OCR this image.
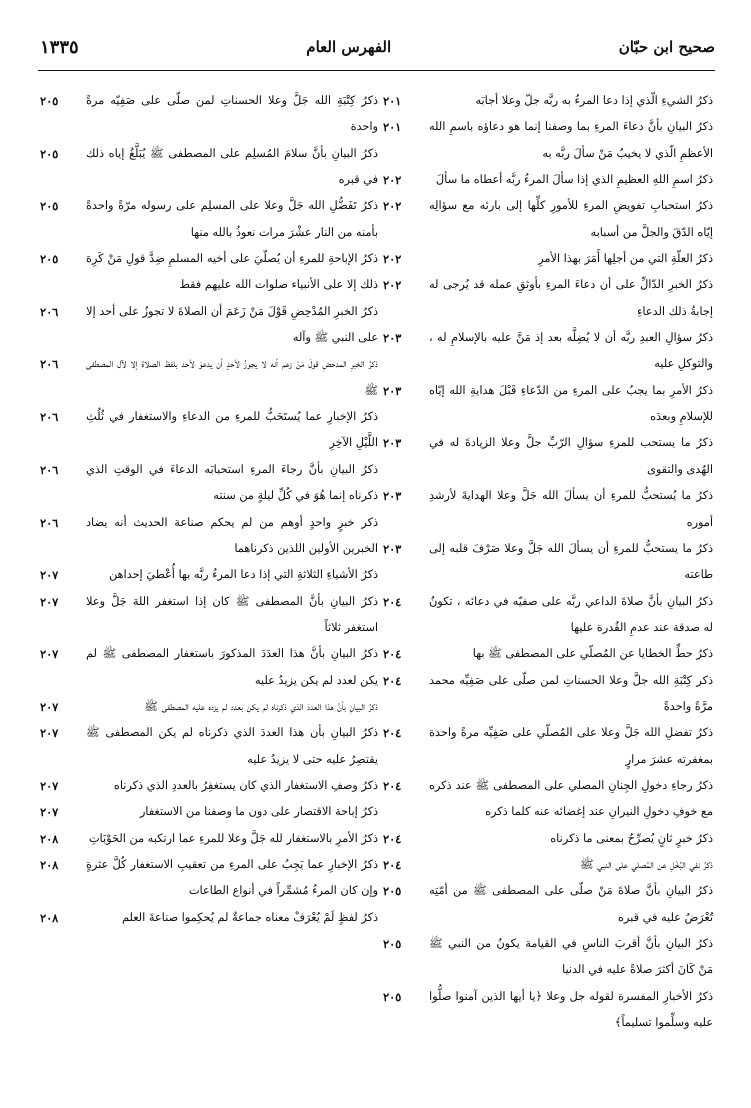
صحيح ابن حبّان
الفهرس العام
١٣٣٥
ذكرُ الشيءِ الّذي إذا دعا المرءُ به ربَّه جلّ وعلا أجابَه
٢٠١
ذكرُ البيانِ بأنَّ دعاءَ المرءِ بما وصفنا إنما هو دعاؤه باسمِ الله الأعظمِ الّذي لا يخيبُ مَنْ سألَ ربَّه به
٢٠١
ذكرُ اسمِ اللهِ العظيمِ الذي إذا سألَ المرءُ ربَّه أعطاه ما سألَ
٢٠٢
ذكرُ استحبابِ تفويضِ المرءِ للأمورِ كلِّها إلى بارئه مع سؤالِه إيّاه الدّقَ والجلَّ من أسبابه
٢٠٢
ذكرُ العلّةِ التي من أجلِها أَمَرَ بهذا الأمرِ
٢٠٢
ذكرُ الخبرِ الدّالِّ على أن دعاءَ المرءِ بأوثقِ عمله قد يُرجى له إجابةُ ذلك الدعاءِ
٢٠٢
ذكرُ سؤالِ العبدِ ربَّه أن لا يُضِلَّه بعد إذ مَنَّ عليه بالإسلامِ له ، والتوكلِ عليه
٢٠٣
ذكرُ الأمرِ بما يجبُ على المرءِ من الدّعاءِ قَبْلَ هدايةِ الله إيّاه للإسلامِ وبعدَه
٢٠٣
ذكرُ ما يستحب للمرءِ سؤالِ الرّبِّ جلَّ وعلا الزيادةَ له في الهُدى والتقوى
٢٠٣
ذكرُ ما يُستحبُّ للمرءِ أن يسألَ الله جَلَّ وعلا الهدايةَ لأرشدِ أموره
٢٠٣
ذكرُ ما يستحبُّ للمرءِ أن يسألَ الله جَلَّ وعلا صَرْفَ قلبه إلى طاعته
٢٠٣
ذكرُ البيانِ بأنَّ صلاةَ الداعي ربَّه على صفيّه في دعائه ، تكونُ له صدقة عند عدمِ القُدرة عليها
٢٠٤
ذكرُ حطِّ الخطايا عن المُصلّي على المصطفى ﷺ بها
٢٠٤
ذكر كِتْبَةِ الله جلَّ وعلا الحسناتِ لمن صلّى على صَفِيِّه محمد مرَّةً واحدةً
٢٠٤
ذكرُ تفضلِ الله جَلَّ وعلا على المُصلّي على صَفِيِّه مرةً واحدة بمغفرته عشرَ مرارٍ
٢٠٤
ذكرُ رجاءِ دخولِ الجِنانِ المصلي على المصطفى ﷺ عند ذكره مع خوفِ دخولِ النيرانِ عند إغضائه عنه كلما ذكره
٢٠٤
ذكرُ خبرٍ ثانٍ يُصرِّحُ بمعنى ما ذكرناه
٢٠٤
ذكرُ نفي البُخْلِ عن المُصلي على النبي ﷺ
٢٠٤
ذكرُ البيانِ بأنَّ صلاةَ مَنْ صلّى على المصطفى ﷺ من أمّتِه تُعْرَضُ عليه في قبره
٢٠٥
ذكرُ البيانِ بأنَّ أقربَ الناسِ في القيامة يكونُ من النبي ﷺ مَنْ كَانَ أكثرَ صلاةً عليه في الدنيا
٢٠٥
ذكرُ الأخبارِ المفسرة لقوله جل وعلا ﴿يا أيها الذين آمنوا صلُّوا عليه وسلِّموا تسليماً﴾
٢٠٥
ذكرُ كِتْبَةِ الله جَلَّ وعلا الحسناتِ لمن صلّى على صَفِيّه مرةً واحدة
٢٠٥
ذكرُ البيانِ بأنَّ سلامَ المُسلِم على المصطفى ﷺ يُبَلَّغُ إياه ذلك في قبره
٢٠٥
ذكرُ تَفَضُّلِ الله جَلَّ وعلا على المسلِم على رسوله مرّةً واحدةً بأمنه من النار عشْرَ مرات نعوذُ بالله منها
٢٠٥
ذكرُ الإباحةِ للمرءِ أن يُصلّيَ على أخيه المسلمِ ضِدَّ قولِ مَنْ كَرِهَ ذلك إلا على الأنبياء صلوات الله عليهم فقط
٢٠٥
ذكرُ الخبرِ المُدْحِضِ قَوْلَ مَنْ زَعَمَ أن الصلاةَ لا تجوزُ على أحد إلا على النبي ﷺ وآله
٢٠٦
ذكرُ الخبرِ المدحضِ قولَ مَنْ زعم أنه لا يجوزُ لأحدٍ أن يدعوَ لأحد بلفظ الصلاة إلا لآل المصطفى ﷺ
٢٠٦
ذكرُ الإخبارِ عما يُستَحَبُّ للمرءِ من الدعاءِ والاستغفار في ثُلُثِ اللَّيْلِ الآخِرِ
٢٠٦
ذكرُ البيانِ بأنَّ رجاءَ المرءِ استحبابَه الدعاءَ في الوقتِ الذي ذكرناه إنما هُوَ في كُلِّ ليلةٍ من سنته
٢٠٦
ذكر خبرٍ واحدٍ أوهم من لم يحكم صناعة الحديث أنه يضاد الخبرين الأولين اللذين ذكرناهما
٢٠٦
ذكرُ الأشياءِ الثلاثةِ التي إذا دعا المرءُ ربَّه بها أُعْطيَ إحداهن
٢٠٧
ذكرُ البيانِ بأنَّ المصطفى ﷺ كان إذا استغفر اللهَ جَلَّ وعلا استغفر ثلاثاً
٢٠٧
ذكرُ البيانِ بأنَّ هذا العدَدَ المذكورَ باستغفار المصطفى ﷺ لم يكن لعدد لم يكن يزيدُ عليه
٢٠٧
ذكرُ البيانِ بأنَّ هذا العددَ الذي ذكرناه لم يكن بعدد لم يزده عليه المصطفى ﷺ
٢٠٧
ذكرُ البيانِ بأن هذا العددَ الذي ذكرناه لم يكن المصطفى ﷺ يقتصِرُ عليه حتى لا يزيدُ عليه
٢٠٧
ذكرُ وصفِ الاستغفار الذي كان يستغفِرُ بالعددِ الذي ذكرناه
٢٠٧
ذكرُ إباحة الاقتصار على دون ما وصفنا من الاستغفار
٢٠٧
ذكرُ الأمرِ بالاستغفار لله جَلَّ وعلا للمرءِ عما ارتكبه من الحَوْبَاتِ
٢٠٨
ذكرُ الإخبارِ عما يَجِبُ على المرءِ من تعقيبِ الاستغفار كُلَّ عثرةٍ وإن كان المرءُ مُشمِّراً في أنواع الطاعات
٢٠٨
ذكرُ لفظٍ لَمْ يُعْرَفْ معناه جماعةٌ لم يُحكِموا صناعةَ العلم
٢٠٨
